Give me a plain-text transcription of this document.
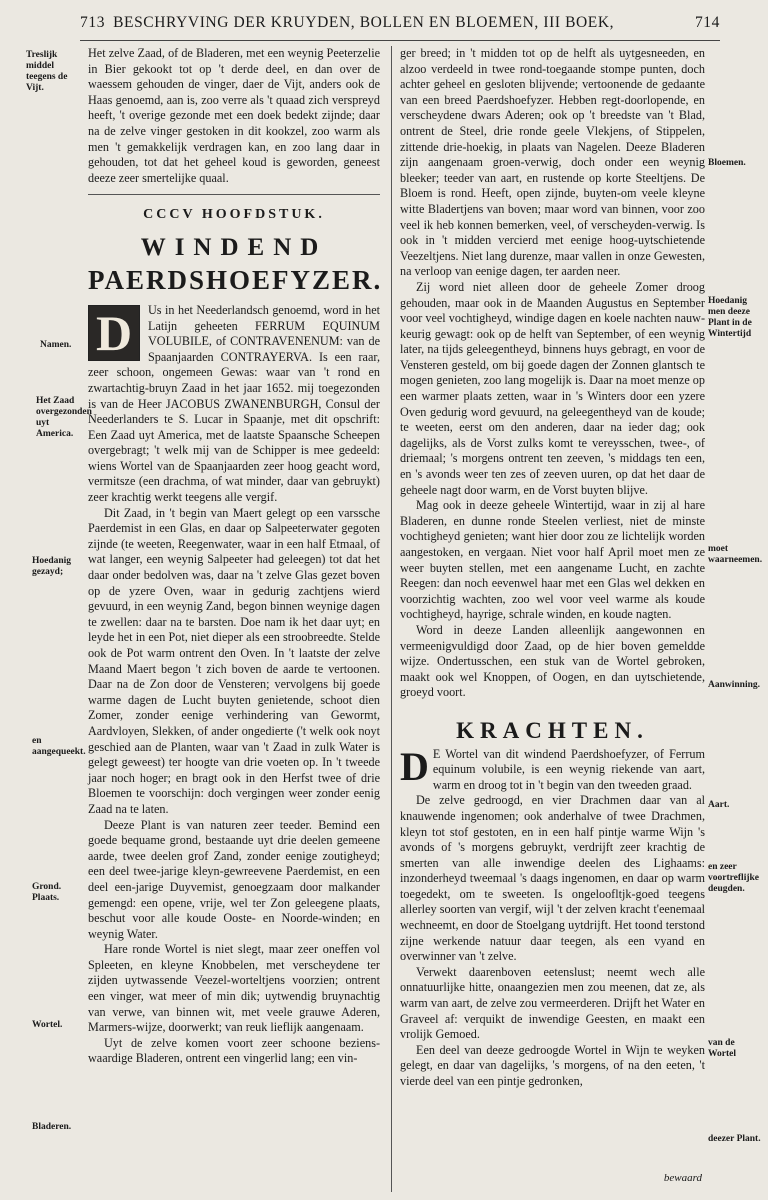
713 BESCHRYVING DER KRUYDEN, BOLLEN EN BLOEMEN, III BOEK,	714

Het zelve Zaad, of de Bladeren, met een weynig Peeterzelie in Bier gekookt tot op 't derde deel, en dan over de waessem gehouden de vinger, daer de Vijt, anders ook de Haas genoemd, aan is, zoo verre als 't quaad zich verspreyd heeft, 't overige gezonde met een doek bedekt zijnde; daar na de zelve vinger gestoken in dit kookzel, zoo warm als men 't gemakkelijk verdragen kan, en zoo lang daar in gehouden, tot dat het geheel koud is geworden, geneest deeze zeer smertelijke quaal.

CCCV HOOFDSTUK.
WINDEND
PAERDSHOEFYZER.

D	Us in het Neederlandsch genoemd, word in het Latijn geheeten FERRUM EQUINUM VOLUBILE, of CONTRAVENENUM: van de Spaanjaarden CONTRAYERVA. Is een raar, zeer schoon, ongemeen Gewas: waar van 't rond en zwartachtig-bruyn Zaad in het jaar 1652. mij toegezonden is van de Heer JACOBUS ZWANENBURGH, Consul der Neederlanders te S. Lucar in Spaanje, met dit opschrift: Een Zaad uyt America, met de laatste Spaansche Scheepen overgebragt; 't welk mij van de Schipper is mee gedeeld: wiens Wortel van de Spaanjaarden zeer hoog geacht word, vermitsze (een drachma, of wat minder, daar van gebruykt) zeer krachtig werkt teegens alle vergif.

Dit Zaad, in 't begin van Maert gelegt op een varssche Paerdemist in een Glas, en daar op Salpeeterwater gegoten zijnde (te weeten, Reegenwater, waar in een half Etmaal, of wat langer, een weynig Salpeeter had geleegen) tot dat het daar onder bedolven was, daar na 't zelve Glas gezet boven op de yzere Oven, waar in gedurig zachtjens wierd gevuurd, in een weynig Zand, begon binnen weynige dagen te zwellen: daar na te barsten. Doe nam ik het daar uyt; en leyde het in een Pot, niet dieper als een stroobreedte. Stelde ook de Pot warm ontrent den Oven. In 't laatste der zelve Maand Maert begon 't zich boven de aarde te vertoonen. Daar na de Zon door de Vensteren; vervolgens bij goede warme dagen de Lucht buyten genietende, schoot dien Zomer, zonder eenige verhindering van Gewormt, Aardvloyen, Slekken, of ander ongedierte ('t welk ook noyt geschied aan de Planten, waar van 't Zaad in zulk Water is gelegt geweest) ter hoogte van drie voeten op. In 't tweede jaar noch hoger; en bragt ook in den Herfst twee of drie Bloemen te voorschijn: doch vergingen weer zonder eenig Zaad na te laten.

Deeze Plant is van naturen zeer teeder. Bemind een goede bequame grond, bestaande uyt drie deelen gemeene aarde, twee deelen grof Zand, zonder eenige zoutigheyd; een deel twee-jarige kleyn-gewreevene Paerdemist, en een deel een-jarige Duyvemist, genoegzaam door malkander gemengd: een opene, vrije, wel ter Zon geleegene plaats, beschut voor alle koude Ooste- en Noorde-winden; en weynig Water.

Hare ronde Wortel is niet slegt, maar zeer oneffen vol Spleeten, en kleyne Knobbelen, met verscheydene ter zijden uytwassende Veezel-worteltjens voorzien; ontrent een vinger, wat meer of min dik; uytwendig bruynachtig van verwe, van binnen wit, met veele grauwe Aderen, Marmers-wijze, doorwerkt; van reuk lieflijk aangenaam.

Uyt de zelve komen voort zeer schoone beziens-waardige Bladeren, ontrent een vingerlid lang; een vin-

ger breed; in 't midden tot op de helft als uytgesneeden, en alzoo verdeeld in twee rond-toegaande stompe punten, doch achter geheel en gesloten blijvende; vertoonende de gedaante van een breed Paerdshoefyzer. Hebben regt-doorlopende, en verscheydene dwars Aderen; ook op 't breedste van 't Blad, ontrent de Steel, drie ronde geele Vlekjens, of Stippelen, zittende drie-hoekig, in plaats van Nagelen. Deeze Bladeren zijn aangenaam groen-verwig, doch onder een weynig bleeker; teeder van aart, en rustende op korte Steeltjens. De Bloem is rond. Heeft, open zijnde, buyten-om veele kleyne witte Bladertjens van boven; maar word van binnen, voor zoo veel ik heb konnen bemerken, veel, of verscheyden-verwig. Is ook in 't midden vercierd met eenige hoog-uytschietende Veezeltjens. Niet lang durenze, maar vallen in onze Gewesten, na verloop van eenige dagen, ter aarden neer.

Zij word niet alleen door de geheele Zomer droog gehouden, maar ook in de Maanden Augustus en September voor veel vochtigheyd, windige dagen en koele nachten nauw-keurig gewagt: ook op de helft van September, of een weynig later, na tijds geleegentheyd, binnens huys gebragt, en voor de Vensteren gesteld, om bij goede dagen der Zonnen glantsch te mogen genieten, zoo lang mogelijk is. Daar na moet menze op een warmer plaats zetten, waar in 's Winters door een yzere Oven gedurig word gevuurd, na geleegentheyd van de koude; te weeten, eerst om den anderen, daar na ieder dag; ook dagelijks, als de Vorst zulks komt te vereysschen, twee-, of driemaal; 's morgens ontrent ten zeeven, 's middags ten een, en 's avonds weer ten zes of zeeven uuren, op dat het daar de geheele nagt door warm, en de Vorst buyten blijve.

Mag ook in deeze geheele Wintertijd, waar in zij al hare Bladeren, en dunne ronde Steelen verliest, niet de minste vochtigheyd genieten; want hier door zou ze lichtelijk worden aangestoken, en vergaan. Niet voor half April moet men ze weer buyten stellen, met een aangename Lucht, en zachte Reegen: dan noch eevenwel haar met een Glas wel dekken en voorzichtig wachten, zoo wel voor veel warme als koude vochtigheyd, hayrige, schrale winden, en koude nagten.

Word in deeze Landen alleenlijk aangewonnen en vermeenigvuldigd door Zaad, op de hier boven gemeldde wijze. Ondertusschen, een stuk van de Wortel gebroken, maakt ook wel Knoppen, of Oogen, en dan uytschietende, groeyd voort.

KRACHTEN.

D E Wortel van dit windend Paerdshoefyzer, of Ferrum equinum volubile, is een weynig riekende van aart, warm en droog tot in 't begin van den tweeden graad.

De zelve gedroogd, en vier Drachmen daar van al knauwende ingenomen; ook anderhalve of twee Drachmen, kleyn tot stof gestoten, en in een half pintje warme Wijn 's avonds of 's morgens gebruykt, verdrijft zeer krachtig de smerten van alle inwendige deelen des Lighaams: inzonderheyd tweemaal 's daags ingenomen, en daar op warm toegedekt, om te sweeten. Is ongeloofltjk-goed teegens allerley soorten van vergif, wijl 't der zelven kracht t'eenemaal wechneemt, en door de Stoelgang uytdrijft. Het toond terstond zijne werkende natuur daar teegen, als een vyand en overwinner van 't zelve.

Verwekt daarenboven eetenslust; neemt wech alle onnatuurlijke hitte, onaangezien men zou meenen, dat ze, als warm van aart, de zelve zou vermeerderen. Drijft het Water en Graveel af: verquikt de inwendige Geesten, en maakt een vrolijk Gemoed.

Een deel van deeze gedroogde Wortel in Wijn te weyken gelegt, en daar van dagelijks, 's morgens, of na den eeten, 't vierde deel van een pintje gedronken,

bewaard
Treslijk middel teegens de Vijt.
Namen.
Het Zaad overgezonden uyt America.
Hoedanig gezayd;
en aangequeekt.
Grond. Plaats.
Wortel.
Bladeren.
Bloemen.
Hoedanig men deeze Plant in de Wintertijd
moet waarneemen.
Aanwinning.
Aart.
en zeer voortreflijke deugden.
van de Wortel
deezer Plant.
